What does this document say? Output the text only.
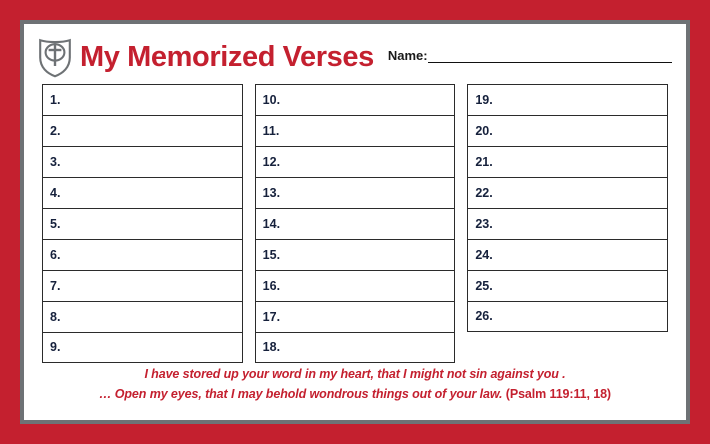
My Memorized Verses Name:
1.
2.
3.
4.
5.
6.
7.
8.
9.
10.
11.
12.
13.
14.
15.
16.
17.
18.
19.
20.
21.
22.
23.
24.
25.
26.
I have stored up your word in my heart, that I might not sin against you .
… Open my eyes, that I may behold wondrous things out of your law. (Psalm 119:11, 18)
